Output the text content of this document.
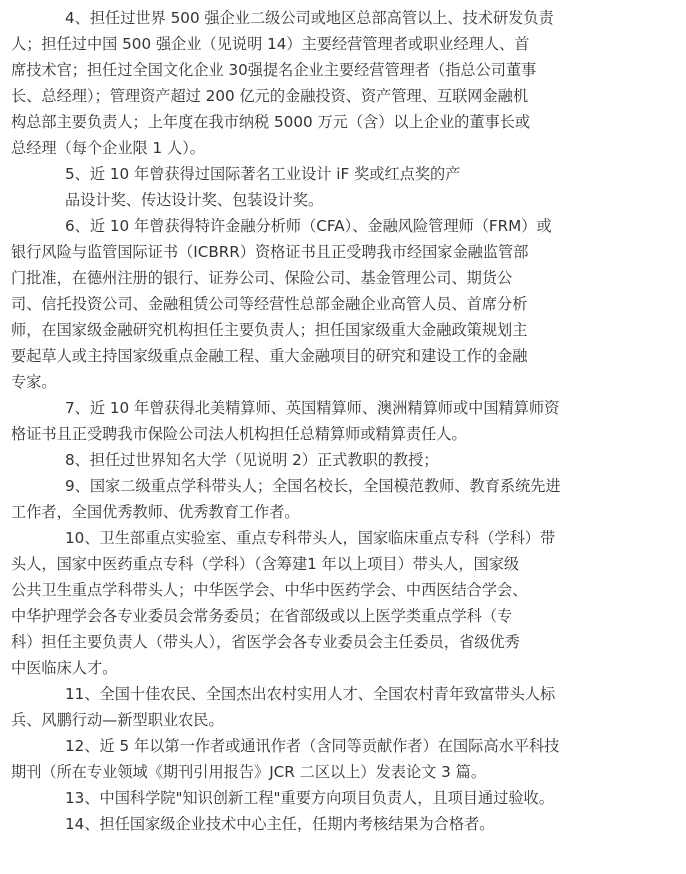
4、担任过世界 500 强企业二级公司或地区总部高管以上、技术研发负责
人；担任过中国 500 强企业（见说明 14）主要经营管理者或职业经理人、首
席技术官；担任过全国文化企业 30强提名企业主要经营管理者（指总公司董事
长、总经理）；管理资产超过 200 亿元的金融投资、资产管理、互联网金融机
构总部主要负责人；上年度在我市纳税 5000 万元（含）以上企业的董事长或
总经理（每个企业限 1 人）。
5、近 10 年曾获得过国际著名工业设计 iF 奖或红点奖的产
品设计奖、传达设计奖、包装设计奖。
6、近 10 年曾获得特许金融分析师（CFA）、金融风险管理师（FRM）或
银行风险与监管国际证书（ICBRR）资格证书且正受聘我市经国家金融监管部
门批准，在德州注册的银行、证券公司、保险公司、基金管理公司、期货公
司、信托投资公司、金融租赁公司等经营性总部金融企业高管人员、首席分析
师，在国家级金融研究机构担任主要负责人；担任国家级重大金融政策规划主
要起草人或主持国家级重点金融工程、重大金融项目的研究和建设工作的金融
专家。
7、近 10 年曾获得北美精算师、英国精算师、澳洲精算师或中国精算师资
格证书且正受聘我市保险公司法人机构担任总精算师或精算责任人。
8、担任过世界知名大学（见说明 2）正式教职的教授；
9、国家二级重点学科带头人；全国名校长，全国模范教师、教育系统先进
工作者，全国优秀教师、优秀教育工作者。
10、卫生部重点实验室、重点专科带头人，国家临床重点专科（学科）带
头人，国家中医药重点专科（学科）（含筹建1 年以上项目）带头人，国家级
公共卫生重点学科带头人；中华医学会、中华中医药学会、中西医结合学会、
中华护理学会各专业委员会常务委员；在省部级或以上医学类重点学科（专
科）担任主要负责人（带头人），省医学会各专业委员会主任委员，省级优秀
中医临床人才。
11、全国十佳农民、全国杰出农村实用人才、全国农村青年致富带头人标
兵、风鹏行动—新型职业农民。
12、近 5 年以第一作者或通讯作者（含同等贡献作者）在国际高水平科技
期刊（所在专业领域《期刊引用报告》JCR 二区以上）发表论文 3 篇。
13、中国科学院"知识创新工程"重要方向项目负责人，且项目通过验收。
14、担任国家级企业技术中心主任，任期内考核结果为合格者。
